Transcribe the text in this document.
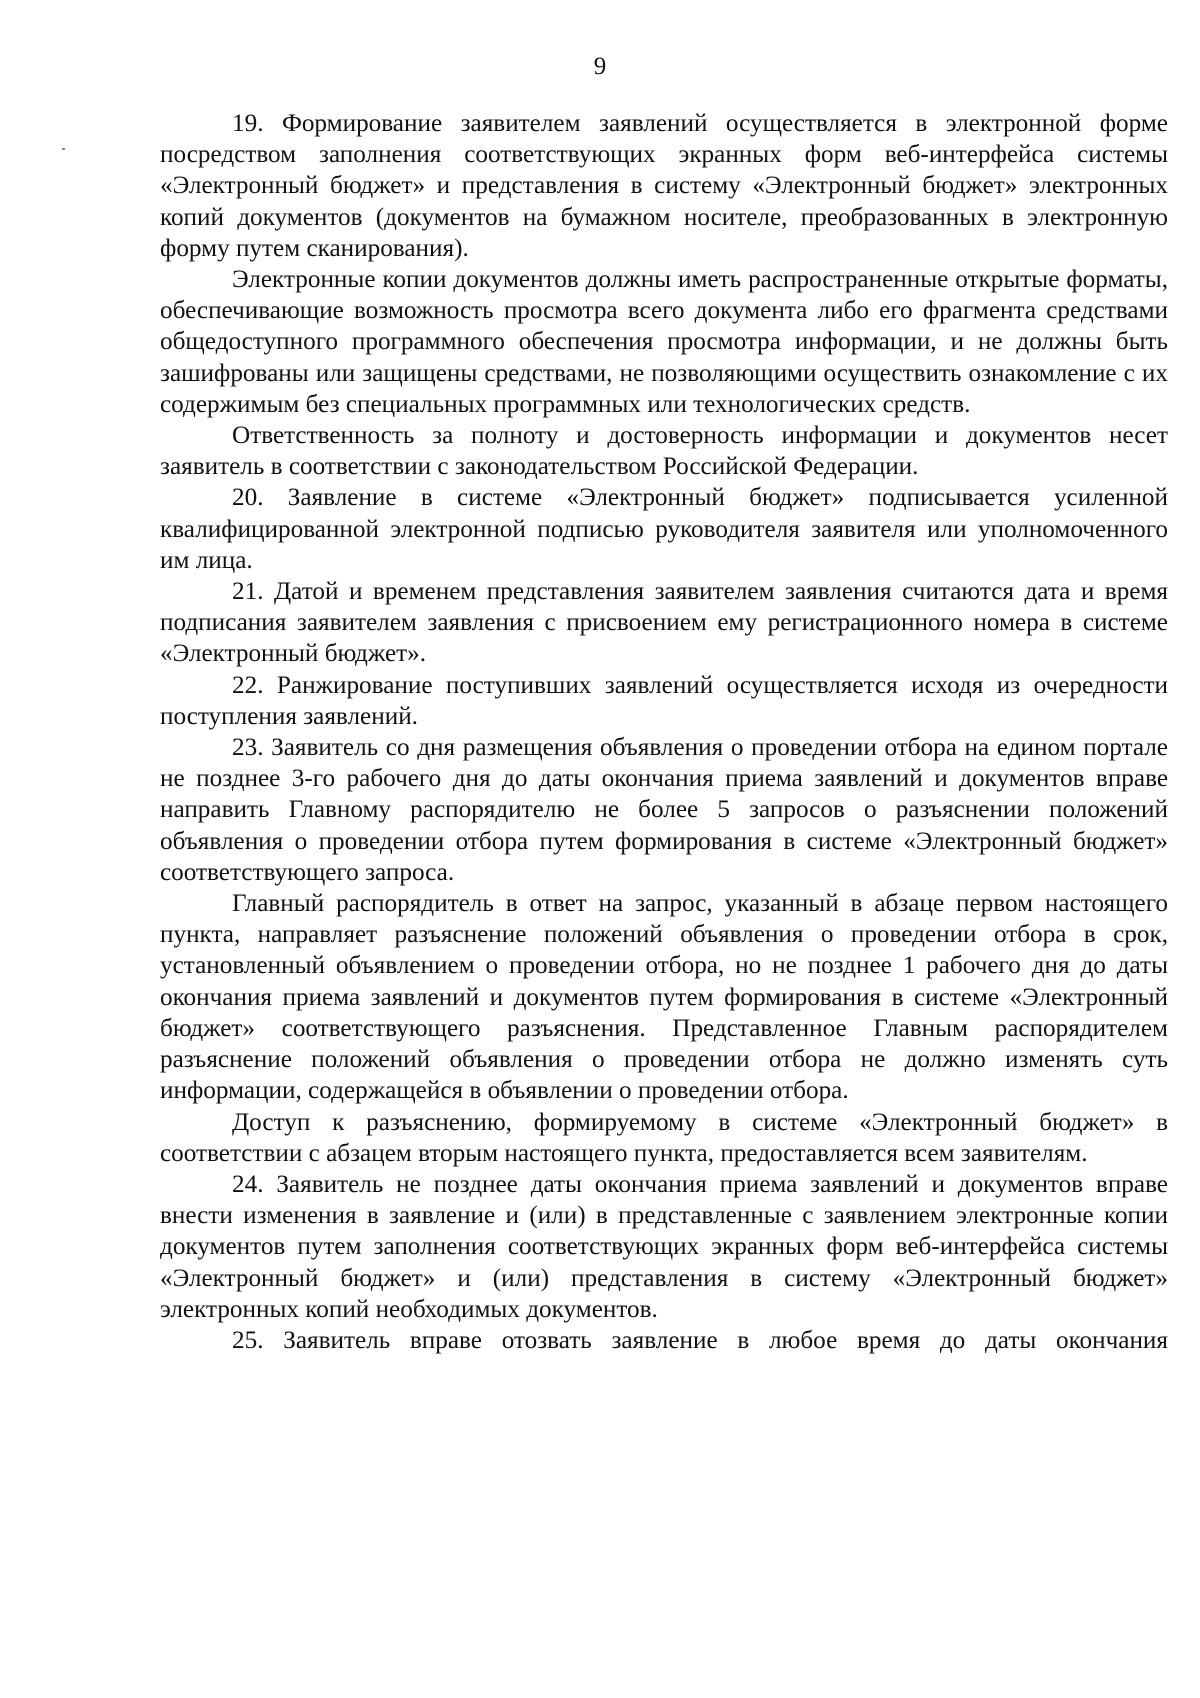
9

19. Формирование заявителем заявлений осуществляется в электронной форме посредством заполнения соответствующих экранных форм веб-интерфейса системы «Электронный бюджет» и представления в систему «Электронный бюджет» электронных копий документов (документов на бумажном носителе, преобразованных в электронную форму путем сканирования).

Электронные копии документов должны иметь распространенные открытые форматы, обеспечивающие возможность просмотра всего документа либо его фрагмента средствами общедоступного программного обеспечения просмотра информации, и не должны быть зашифрованы или защищены средствами, не позволяющими осуществить ознакомление с их содержимым без специальных программных или технологических средств.

Ответственность за полноту и достоверность информации и документов несет заявитель в соответствии с законодательством Российской Федерации.

20. Заявление в системе «Электронный бюджет» подписывается усиленной квалифицированной электронной подписью руководителя заявителя или уполномоченного им лица.

21. Датой и временем представления заявителем заявления считаются дата и время подписания заявителем заявления с присвоением ему регистрационного номера в системе «Электронный бюджет».

22. Ранжирование поступивших заявлений осуществляется исходя из очередности поступления заявлений.

23. Заявитель со дня размещения объявления о проведении отбора на едином портале не позднее 3-го рабочего дня до даты окончания приема заявлений и документов вправе направить Главному распорядителю не более 5 запросов о разъяснении положений объявления о проведении отбора путем формирования в системе «Электронный бюджет» соответствующего запроса.

Главный распорядитель в ответ на запрос, указанный в абзаце первом настоящего пункта, направляет разъяснение положений объявления о проведении отбора в срок, установленный объявлением о проведении отбора, но не позднее 1 рабочего дня до даты окончания приема заявлений и документов путем формирования в системе «Электронный бюджет» соответствующего разъяснения. Представленное Главным распорядителем разъяснение положений объявления о проведении отбора не должно изменять суть информации, содержащейся в объявлении о проведении отбора.

Доступ к разъяснению, формируемому в системе «Электронный бюджет» в соответствии с абзацем вторым настоящего пункта, предоставляется всем заявителям.

24. Заявитель не позднее даты окончания приема заявлений и документов вправе внести изменения в заявление и (или) в представленные с заявлением электронные копии документов путем заполнения соответствующих экранных форм веб-интерфейса системы «Электронный бюджет» и (или) представления в систему «Электронный бюджет» электронных копий необходимых документов.

25. Заявитель вправе отозвать заявление в любое время до даты окончания
